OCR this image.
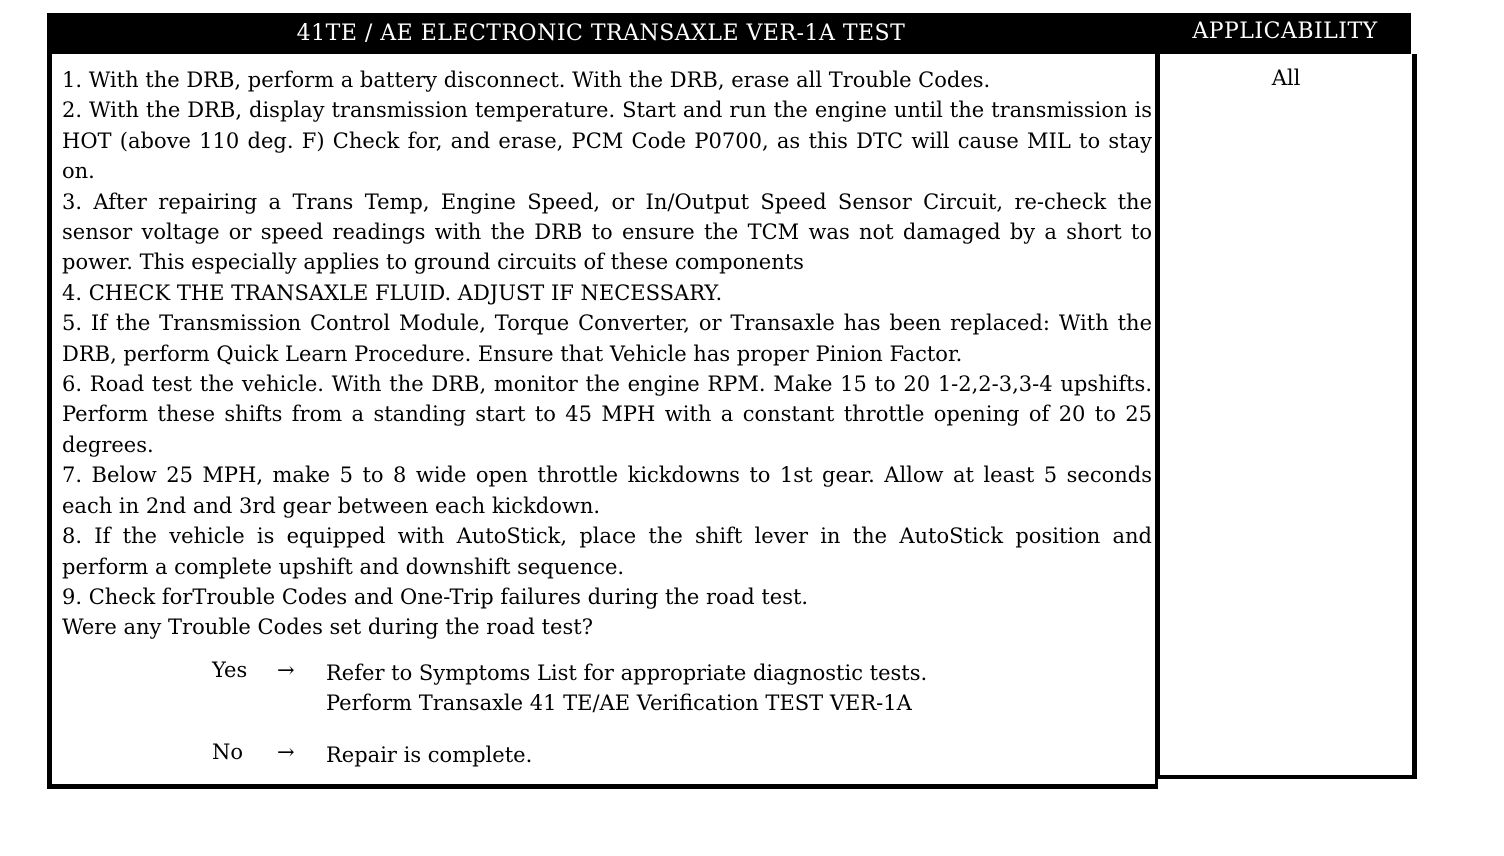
41TE / AE ELECTRONIC TRANSAXLE VER-1A TEST	APPLICABILITY
1. With the DRB, perform a battery disconnect. With the DRB, erase all Trouble Codes.
2. With the DRB, display transmission temperature. Start and run the engine until the transmission is HOT (above 110 deg. F) Check for, and erase, PCM Code P0700, as this DTC will cause MIL to stay on.
3. After repairing a Trans Temp, Engine Speed, or In/Output Speed Sensor Circuit, re-check the sensor voltage or speed readings with the DRB to ensure the TCM was not damaged by a short to power. This especially applies to ground circuits of these components
4. CHECK THE TRANSAXLE FLUID. ADJUST IF NECESSARY.
5. If the Transmission Control Module, Torque Converter, or Transaxle has been replaced: With the DRB, perform Quick Learn Procedure. Ensure that Vehicle has proper Pinion Factor.
6. Road test the vehicle. With the DRB, monitor the engine RPM. Make 15 to 20 1-2,2-3,3-4 upshifts. Perform these shifts from a standing start to 45 MPH with a constant throttle opening of 20 to 25 degrees.
7. Below 25 MPH, make 5 to 8 wide open throttle kickdowns to 1st gear. Allow at least 5 seconds each in 2nd and 3rd gear between each kickdown.
8. If the vehicle is equipped with AutoStick, place the shift lever in the AutoStick position and perform a complete upshift and downshift sequence.
9. Check forTrouble Codes and One-Trip failures during the road test.
Were any Trouble Codes set during the road test?
Yes → Refer to Symptoms List for appropriate diagnostic tests.
Perform Transaxle 41 TE/AE Verification TEST VER-1A
No → Repair is complete.
All
